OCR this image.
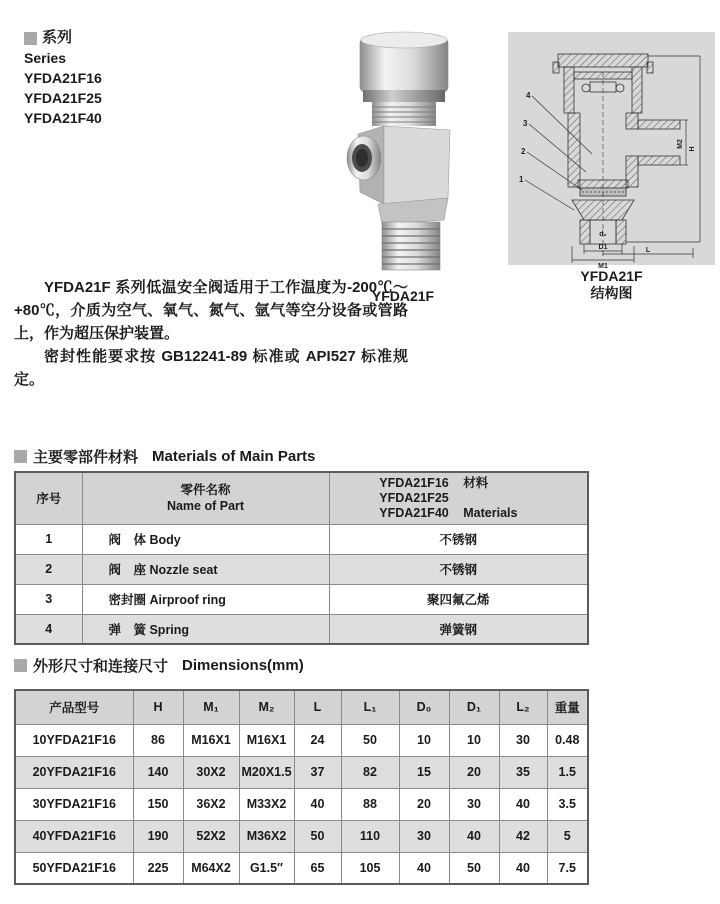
系列
Series
YFDA21F16
YFDA21F25
YFDA21F40
YFDA21F
4
3
2
1
H
M2
d₀
D1
M1
L
YFDA21F
结构图

YFDA21F 系列低温安全阀适用于工作温度为-200℃～+80℃，介质为空气、氧气、氮气、氩气等空分设备或管路上，作为超压保护装置。

密封性能要求按 GB12241-89 标准或 API527 标准规定。

主要零部件材料 Materials of Main Parts
序号	
零件名称
Name of Part

YFDA21F16	材料
YFDA21F25
YFDA21F40	Materials

1	阀　体 Body	不锈钢
2	阀　座 Nozzle seat	不锈钢
3	密封圈 Airproof ring	聚四氟乙烯
4	弹　簧 Spring	弹簧钢
外形尺寸和连接尺寸 Dimensions(mm)
产品型号	H	M₁	M₂	L	L₁	D₀	D₁	L₂	重量
10YFDA21F16	86	M16X1	M16X1	24	50	10	10	30	0.48
20YFDA21F16	140	30X2	M20X1.5	37	82	15	20	35	1.5
30YFDA21F16	150	36X2	M33X2	40	88	20	30	40	3.5
40YFDA21F16	190	52X2	M36X2	50	110	30	40	42	5
50YFDA21F16	225	M64X2	G1.5″	65	105	40	50	40	7.5
